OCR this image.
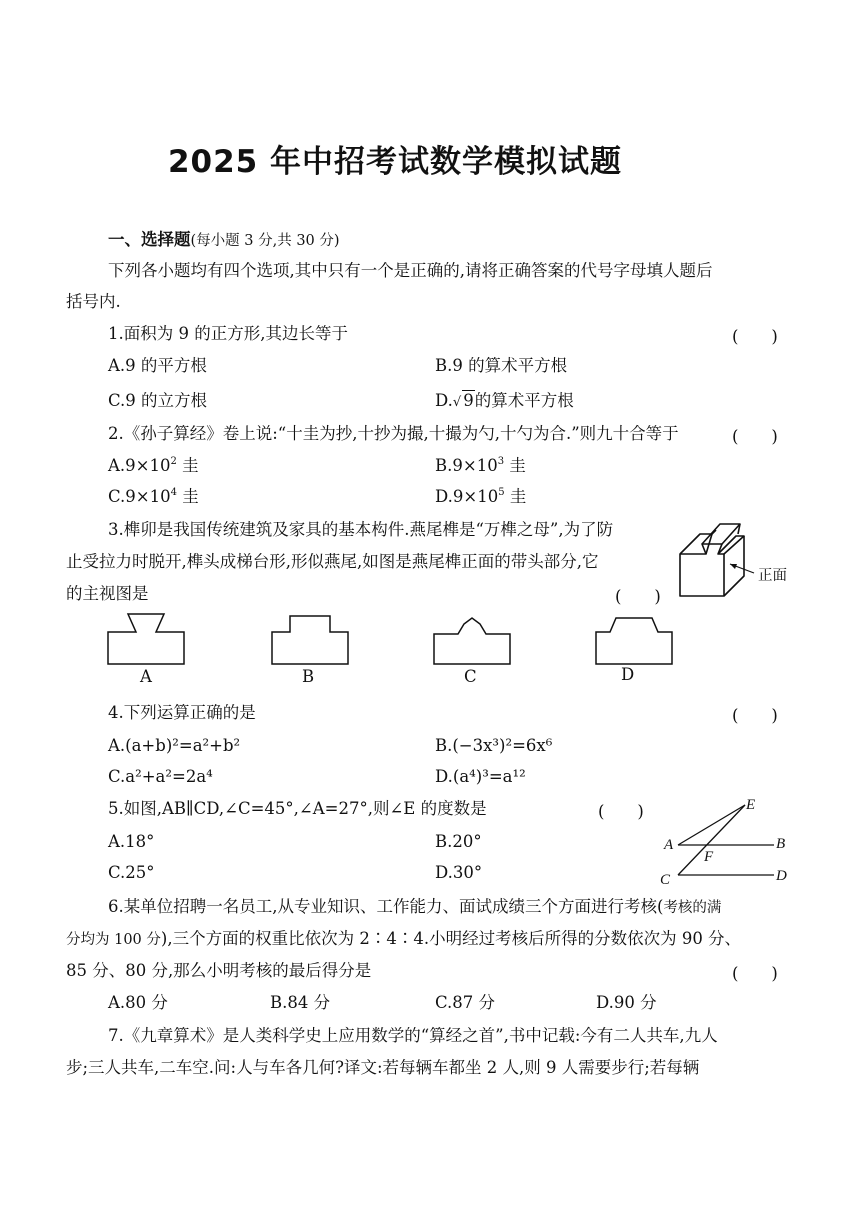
2025 年中招考试数学模拟试题
一、选择题(每小题 3 分,共 30 分)
下列各小题均有四个选项,其中只有一个是正确的,请将正确答案的代号字母填人题后
括号内.
1.面积为 9 的正方形,其边长等于	(　　)
A.9 的平方根	B.9 的算术平方根
C.9 的立方根	D.√ 9的算术平方根
2.《孙子算经》卷上说:“十圭为抄,十抄为撮,十撮为勺,十勺为合.”则九十合等于	(　　)
$A.9\times 10^2$ 圭	$B.9\times 10^3$ 圭
$C.9\times 10^4$ 圭	$D.9\times 10^5$ 圭
3.榫卯是我国传统建筑及家具的基本构件.燕尾榫是“万榫之母”,为了防
止受拉力时脱开,榫头成梯台形,形似燕尾,如图是燕尾榫正面的带头部分,它
的主视图是	(　　)
正面
A	B	C	D
4.下列运算正确的是	(　　)
A.(a+b)²=a²+b²	B.(−3x³)²=6x⁶
C.a²+a²=2a⁴	D.(a⁴)³=a¹²
5.如图,AB∥CD,∠C=45°,∠A=27°,则∠E 的度数是	(　　)
A.18°	B.20°
C.25°	D.30°
E
A	B
F
C	D
6.某单位招聘一名员工,从专业知识、工作能力、面试成绩三个方面进行考核(考核的满
分均为 100 分),三个方面的权重比依次为 2∶4∶4.小明经过考核后所得的分数依次为 90 分、
85 分、80 分,那么小明考核的最后得分是	(　　)
A.80 分	B.84 分	C.87 分	D.90 分
7.《九章算术》是人类科学史上应用数学的“算经之首”,书中记载:今有二人共车,九人
步;三人共车,二车空.问:人与车各几何?译文:若每辆车都坐 2 人,则 9 人需要步行;若每辆
